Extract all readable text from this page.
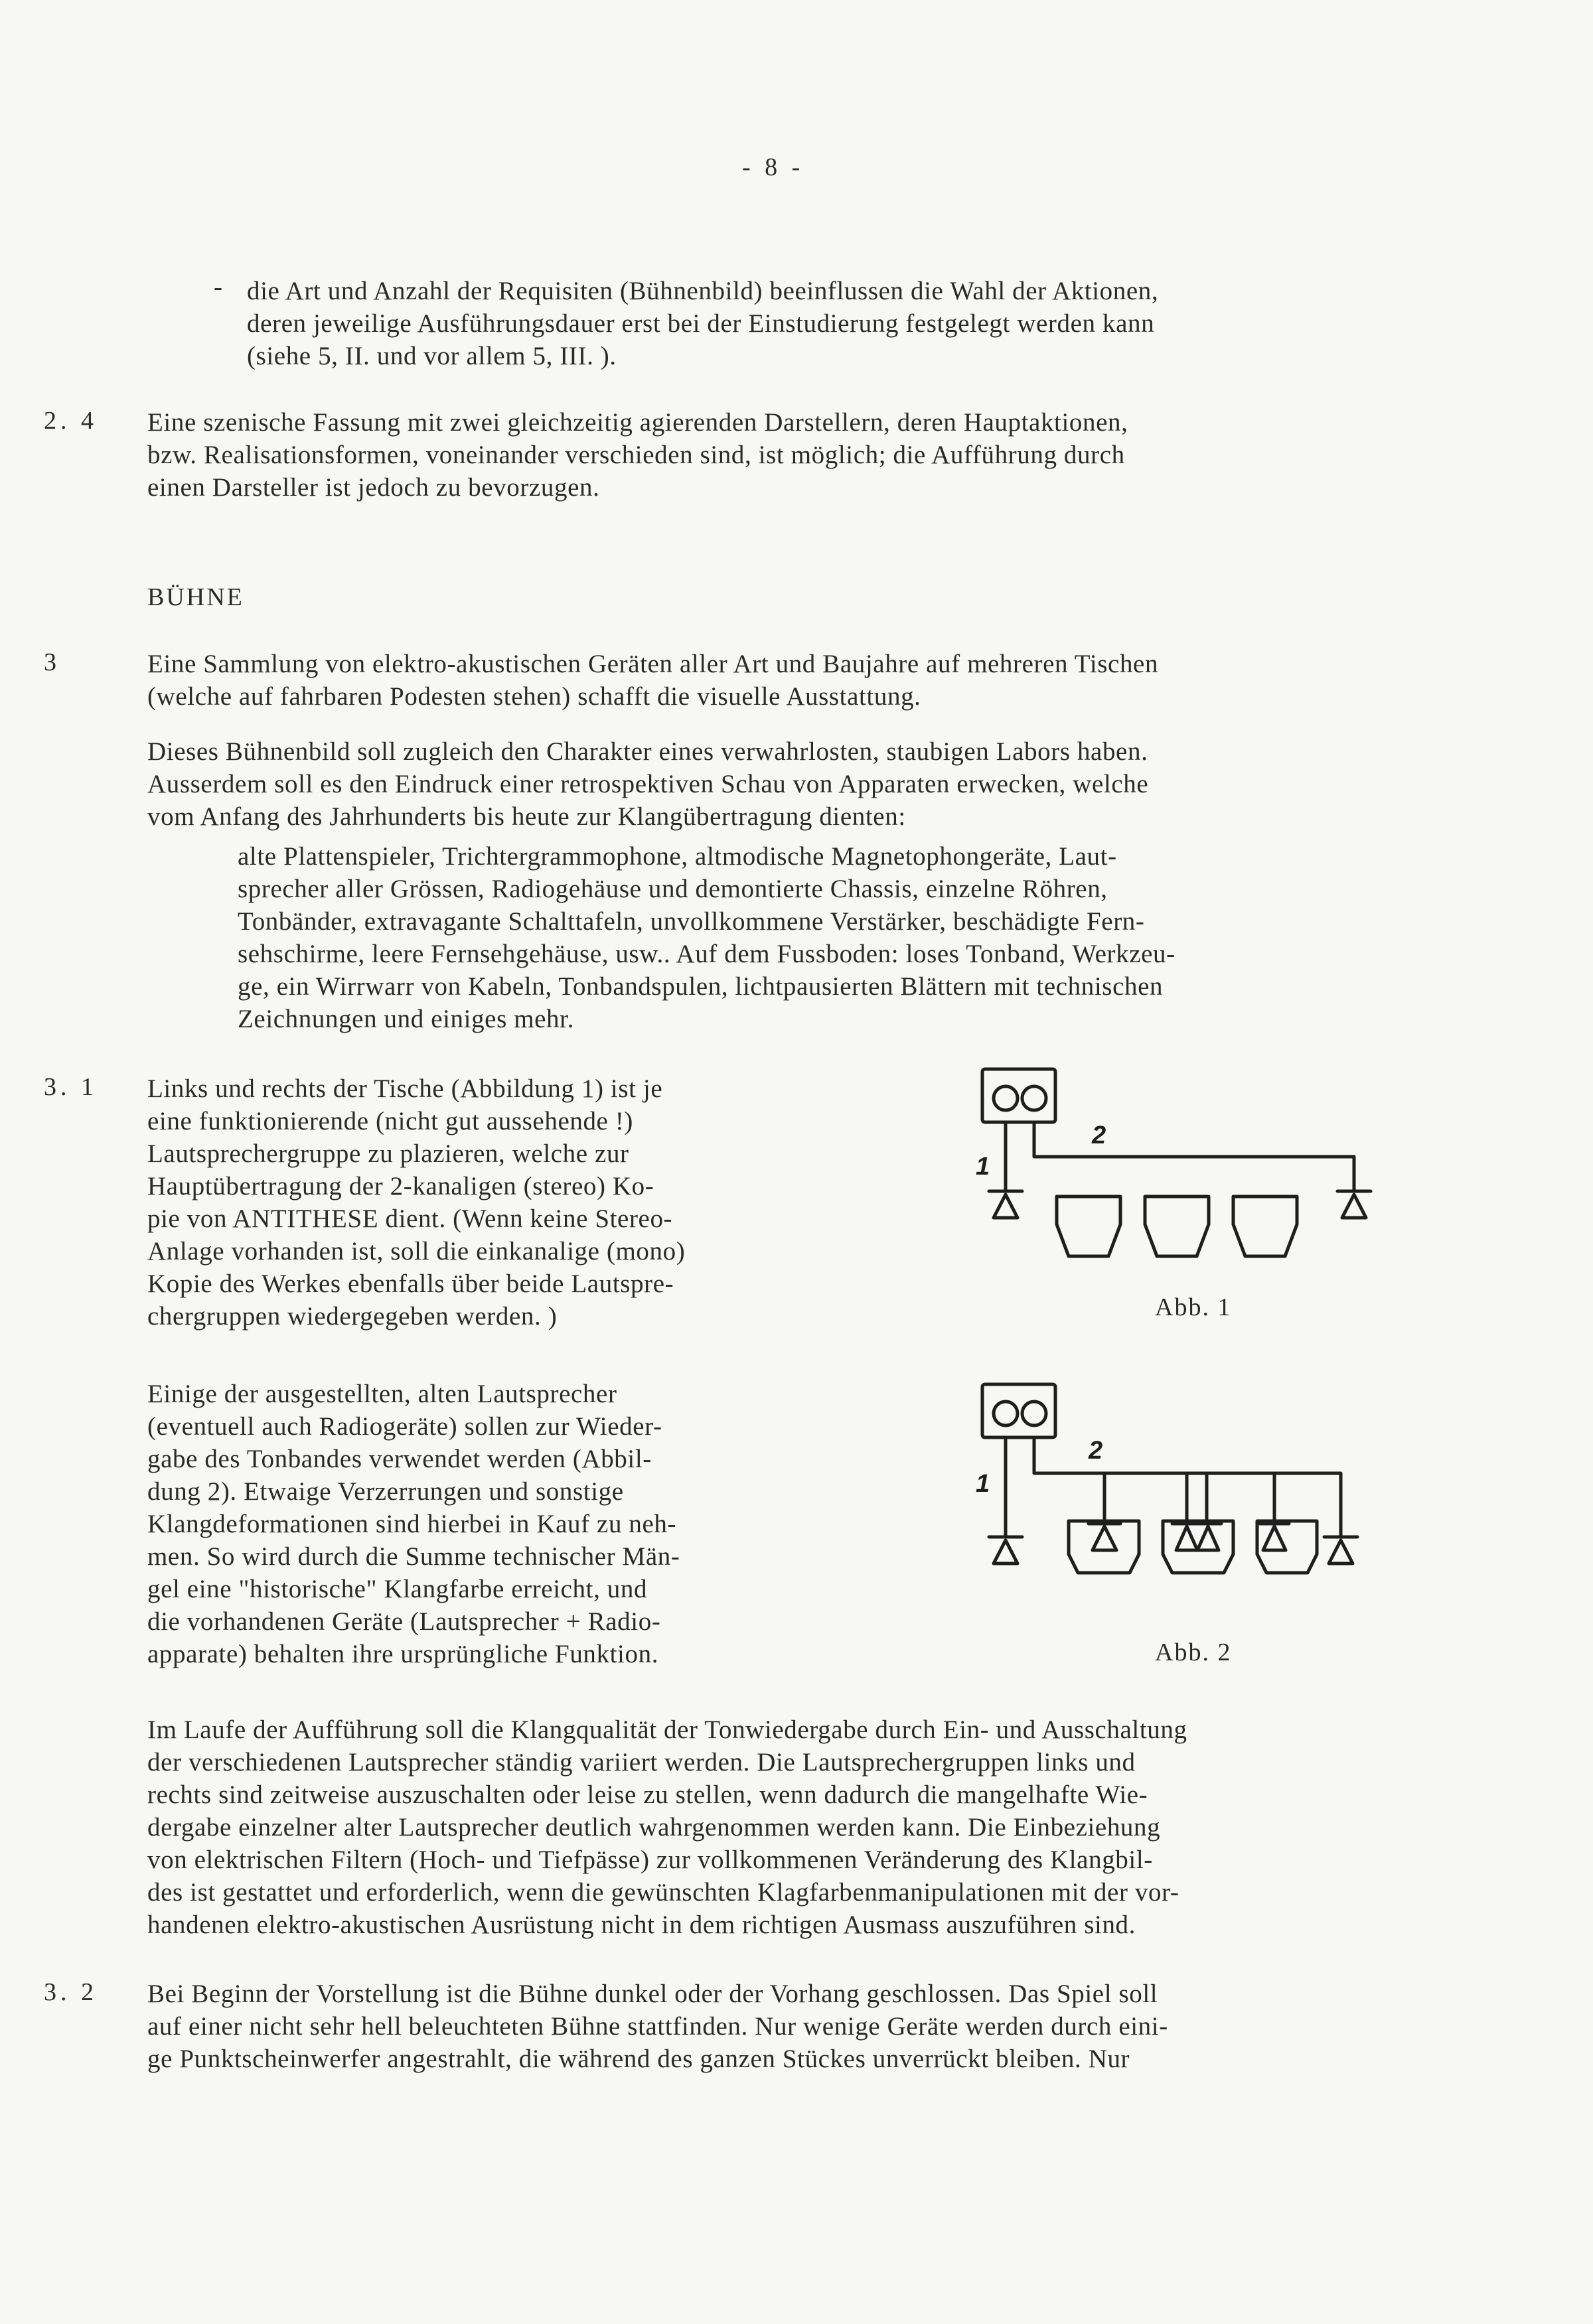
- 8 -
- die Art und Anzahl der Requisiten (Bühnenbild) beeinflussen die Wahl der Aktionen,
deren jeweilige Ausführungsdauer erst bei der Einstudierung festgelegt werden kann
(siehe 5, II. und vor allem 5, III. ).
2. 4 Eine szenische Fassung mit zwei gleichzeitig agierenden Darstellern, deren Hauptaktionen,
bzw. Realisationsformen, voneinander verschieden sind, ist möglich; die Aufführung durch
einen Darsteller ist jedoch zu bevorzugen.
BÜHNE
3	Eine Sammlung von elektro-akustischen Geräten aller Art und Baujahre auf mehreren Tischen
(welche auf fahrbaren Podesten stehen) schafft die visuelle Ausstattung.
Dieses Bühnenbild soll zugleich den Charakter eines verwahrlosten, staubigen Labors haben.
Ausserdem soll es den Eindruck einer retrospektiven Schau von Apparaten erwecken, welche
vom Anfang des Jahrhunderts bis heute zur Klangübertragung dienten:
alte Plattenspieler, Trichtergrammophone, altmodische Magnetophongeräte, Laut-
sprecher aller Grössen, Radiogehäuse und demontierte Chassis, einzelne Röhren,
Tonbänder, extravagante Schalttafeln, unvollkommene Verstärker, beschädigte Fern-
sehschirme, leere Fernsehgehäuse, usw.. Auf dem Fussboden: loses Tonband, Werkzeu-
ge, ein Wirrwarr von Kabeln, Tonbandspulen, lichtpausierten Blättern mit technischen
Zeichnungen und einiges mehr.
3. 1 Links und rechts der Tische (Abbildung 1) ist je
eine funktionierende (nicht gut aussehende !)
Lautsprechergruppe zu plazieren, welche zur
Hauptübertragung der 2-kanaligen (stereo) Ko-
pie von ANTITHESE dient. (Wenn keine Stereo-
Anlage vorhanden ist, soll die einkanalige (mono)
Kopie des Werkes ebenfalls über beide Lautspre-
chergruppen wiedergegeben werden. )
1
2
Abb. 1
Einige der ausgestellten, alten Lautsprecher
(eventuell auch Radiogeräte) sollen zur Wieder-
gabe des Tonbandes verwendet werden (Abbil-
dung 2). Etwaige Verzerrungen und sonstige
Klangdeformationen sind hierbei in Kauf zu neh-
men. So wird durch die Summe technischer Män-
gel eine "historische" Klangfarbe erreicht, und
die vorhandenen Geräte (Lautsprecher + Radio-
apparate) behalten ihre ursprüngliche Funktion.
1
2
Abb. 2
Im Laufe der Aufführung soll die Klangqualität der Tonwiedergabe durch Ein- und Ausschaltung
der verschiedenen Lautsprecher ständig variiert werden. Die Lautsprechergruppen links und
rechts sind zeitweise auszuschalten oder leise zu stellen, wenn dadurch die mangelhafte Wie-
dergabe einzelner alter Lautsprecher deutlich wahrgenommen werden kann. Die Einbeziehung
von elektrischen Filtern (Hoch- und Tiefpässe) zur vollkommenen Veränderung des Klangbil-
des ist gestattet und erforderlich, wenn die gewünschten Klagfarbenmanipulationen mit der vor-
handenen elektro-akustischen Ausrüstung nicht in dem richtigen Ausmass auszuführen sind.
3. 2 Bei Beginn der Vorstellung ist die Bühne dunkel oder der Vorhang geschlossen. Das Spiel soll
auf einer nicht sehr hell beleuchteten Bühne stattfinden. Nur wenige Geräte werden durch eini-
ge Punktscheinwerfer angestrahlt, die während des ganzen Stückes unverrückt bleiben. Nur
